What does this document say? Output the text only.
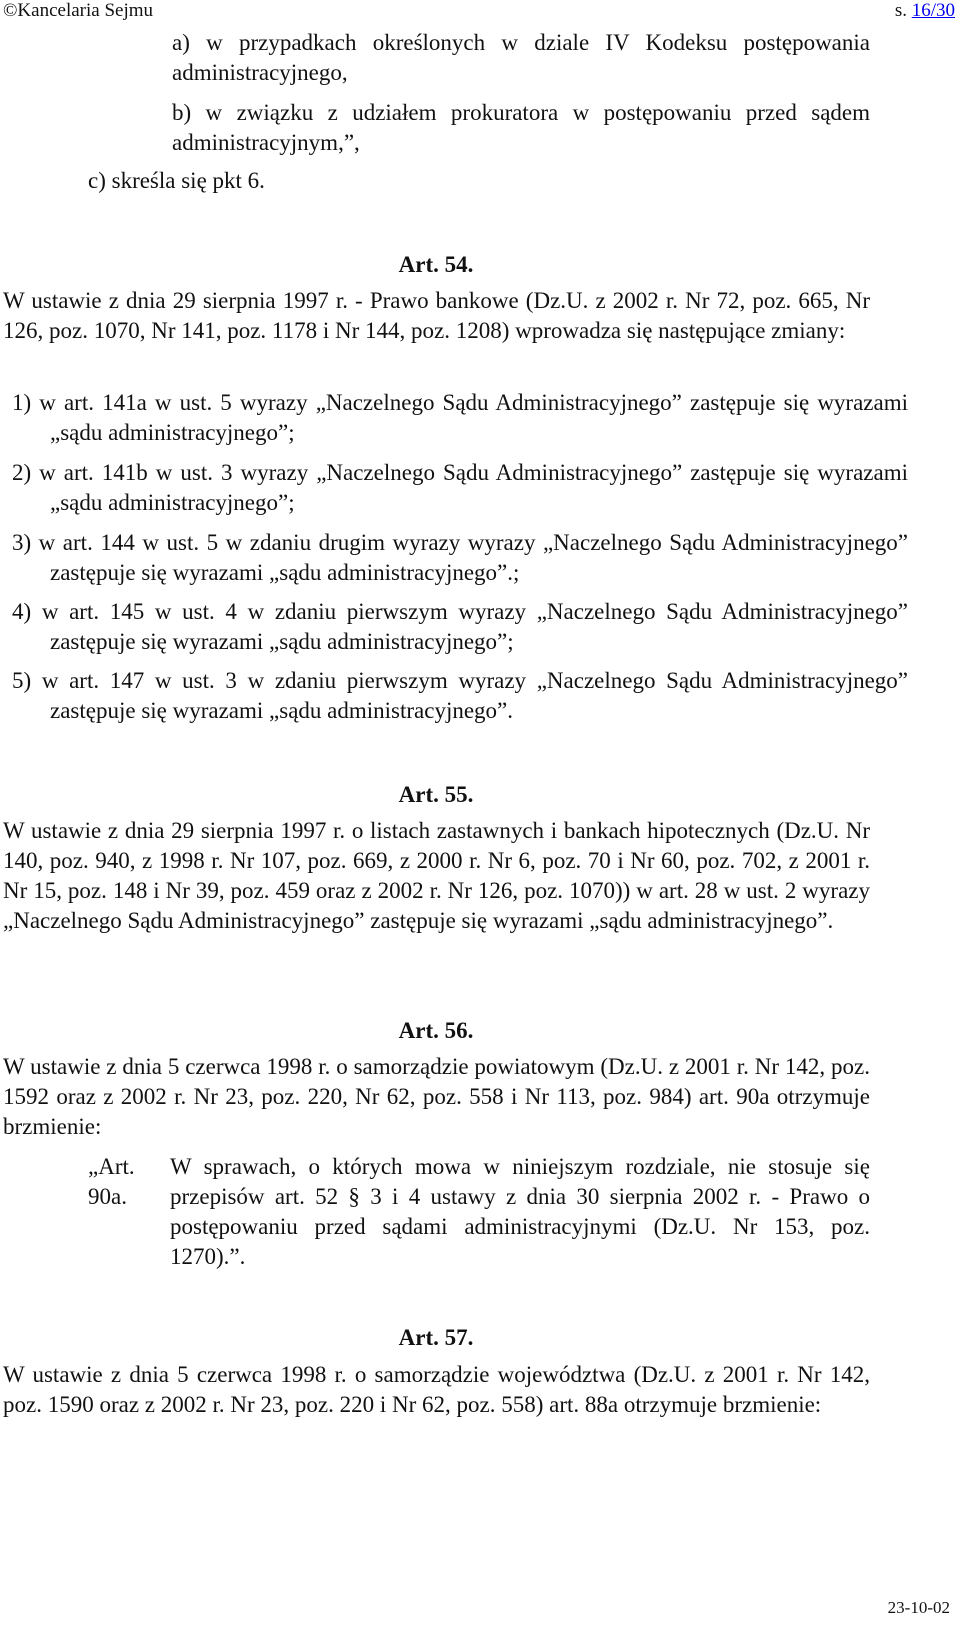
©Kancelaria Sejmu	s. 16/30

a) w przypadkach określonych w dziale IV Kodeksu postępowania administracyjnego,

b) w związku z udziałem prokuratora w postępowaniu przed sądem administracyjnym,”,

c) skreśla się pkt 6.

Art. 54.

W ustawie z dnia 29 sierpnia 1997 r. - Prawo bankowe (Dz.U. z 2002 r. Nr 72, poz. 665, Nr 126, poz. 1070, Nr 141, poz. 1178 i Nr 144, poz. 1208) wprowadza się następujące zmiany:

1) w art. 141a w ust. 5 wyrazy „Naczelnego Sądu Administracyjnego” zastępuje się wyrazami „sądu administracyjnego”;

2) w art. 141b w ust. 3 wyrazy „Naczelnego Sądu Administracyjnego” zastępuje się wyrazami „sądu administracyjnego”;

3) w art. 144 w ust. 5 w zdaniu drugim wyrazy wyrazy „Naczelnego Sądu Administracyjnego” zastępuje się wyrazami „sądu administracyjnego”.;

4) w art. 145 w ust. 4 w zdaniu pierwszym wyrazy „Naczelnego Sądu Administracyjnego” zastępuje się wyrazami „sądu administracyjnego”;

5) w art. 147 w ust. 3 w zdaniu pierwszym wyrazy „Naczelnego Sądu Administracyjnego” zastępuje się wyrazami „sądu administracyjnego”.

Art. 55.

W ustawie z dnia 29 sierpnia 1997 r. o listach zastawnych i bankach hipotecznych (Dz.U. Nr 140, poz. 940, z 1998 r. Nr 107, poz. 669, z 2000 r. Nr 6, poz. 70 i Nr 60, poz. 702, z 2001 r. Nr 15, poz. 148 i Nr 39, poz. 459 oraz z 2002 r. Nr 126, poz. 1070)) w art. 28 w ust. 2 wyrazy „Naczelnego Sądu Administracyjnego” zastępuje się wyrazami „sądu administracyjnego”.

Art. 56.

W ustawie z dnia 5 czerwca 1998 r. o samorządzie powiatowym (Dz.U. z 2001 r. Nr 142, poz. 1592 oraz z 2002 r. Nr 23, poz. 220, Nr 62, poz. 558 i Nr 113, poz. 984) art. 90a otrzymuje brzmienie:

„Art. 90a.

W sprawach, o których mowa w niniejszym rozdziale, nie stosuje się przepisów art. 52 § 3 i 4 ustawy z dnia 30 sierpnia 2002 r. - Prawo o postępowaniu przed sądami administracyjnymi (Dz.U. Nr 153, poz. 1270).”.

Art. 57.

W ustawie z dnia 5 czerwca 1998 r. o samorządzie województwa (Dz.U. z 2001 r. Nr 142, poz. 1590 oraz z 2002 r. Nr 23, poz. 220 i Nr 62, poz. 558) art. 88a otrzymuje brzmienie:

23-10-02
